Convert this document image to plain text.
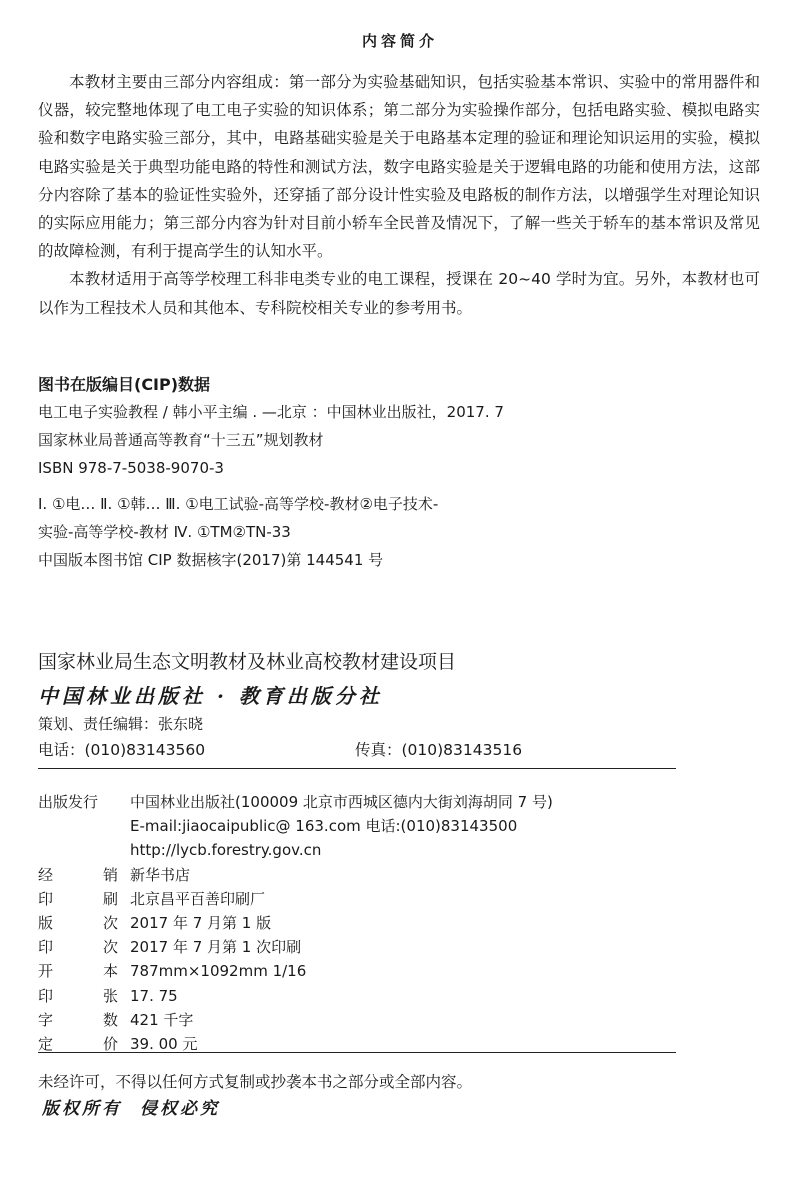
内容简介

本教材主要由三部分内容组成：第一部分为实验基础知识，包括实验基本常识、实验中的常用器件和仪器，较完整地体现了电工电子实验的知识体系；第二部分为实验操作部分，包括电路实验、模拟电路实验和数字电路实验三部分，其中，电路基础实验是关于电路基本定理的验证和理论知识运用的实验，模拟电路实验是关于典型功能电路的特性和测试方法，数字电路实验是关于逻辑电路的功能和使用方法，这部分内容除了基本的验证性实验外，还穿插了部分设计性实验及电路板的制作方法，以增强学生对理论知识的实际应用能力；第三部分内容为针对目前小轿车全民普及情况下，了解一些关于轿车的基本常识及常见的故障检测，有利于提高学生的认知水平。

本教材适用于高等学校理工科非电类专业的电工课程，授课在 20~40 学时为宜。另外，本教材也可以作为工程技术人员和其他本、专科院校相关专业的参考用书。

图书在版编目(CIP)数据
电工电子实验教程 / 韩小平主编 . —北京 ：中国林业出版社，2017. 7
国家林业局普通高等教育“十三五”规划教材
ISBN 978-7-5038-9070-3
Ⅰ. ①电… Ⅱ. ①韩… Ⅲ. ①电工试验-高等学校-教材②电子技术-
实验-高等学校-教材 Ⅳ. ①TM②TN-33
中国版本图书馆 CIP 数据核字(2017)第 144541 号
国家林业局生态文明教材及林业高校教材建设项目
中国林业出版社 · 教育出版分社
策划、责任编辑：张东晓
电话：(010)83143560	传真：(010)83143516
出版发行	中国林业出版社(100009 北京市西城区德内大街刘海胡同 7 号)
E-mail:jiaocaipublic@ 163.com 电话:(010)83143500
http://lycb.forestry.gov.cn
经	销 新华书店
印	刷 北京昌平百善印刷厂
版	次 2017 年 7 月第 1 版
印	次 2017 年 7 月第 1 次印刷
开	本 787mm×1092mm 1/16
印	张 17. 75
字	数 421 千字
定	价 39. 00 元
未经许可，不得以任何方式复制或抄袭本书之部分或全部内容。
版权所有 侵权必究
